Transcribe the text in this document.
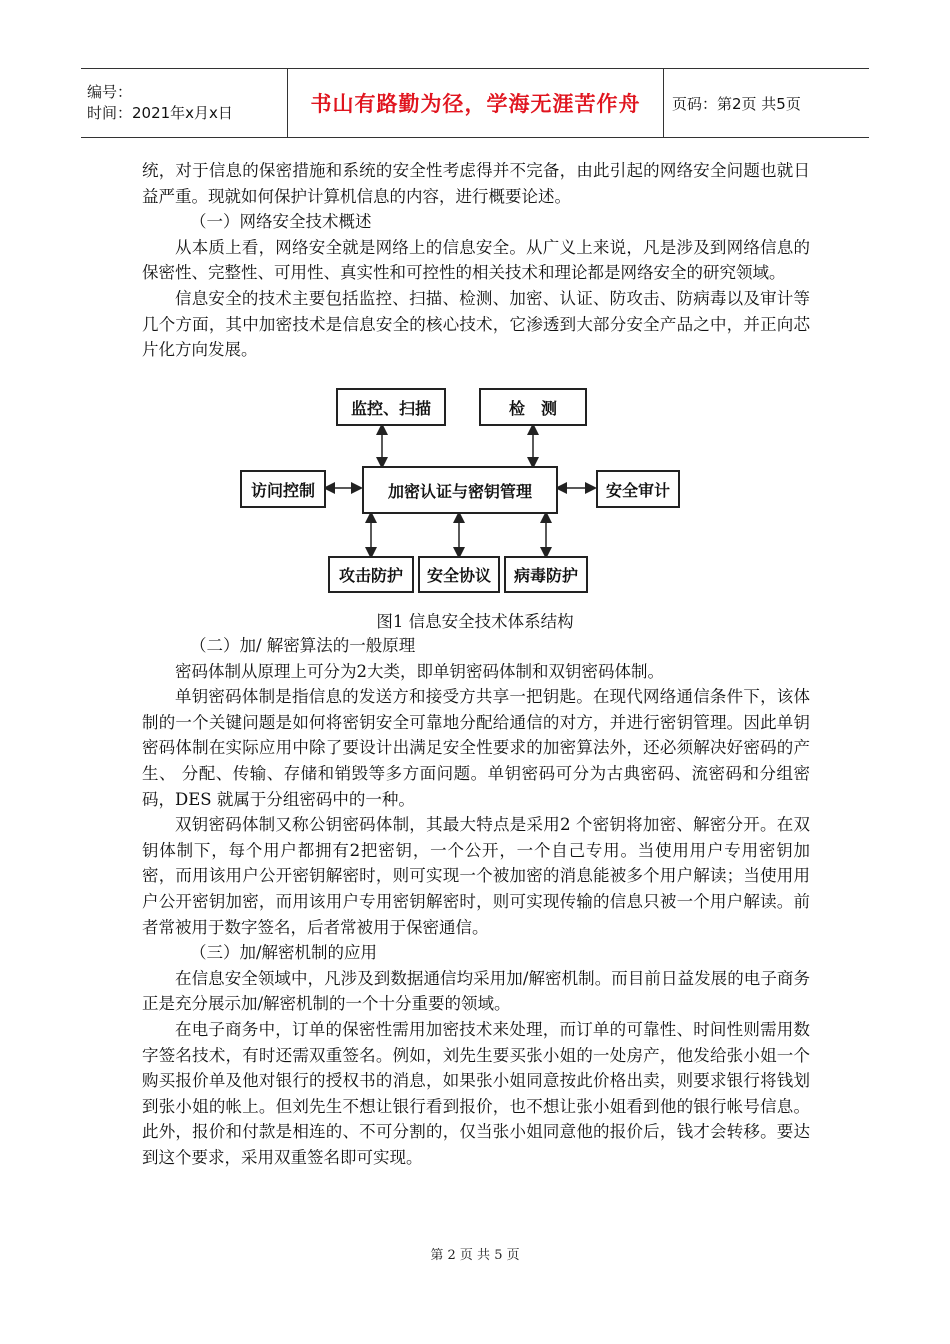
编号：
时间：2021年x月x日	书山有路勤为径，学海无涯苦作舟	页码：第2页 共5页

统，对于信息的保密措施和系统的安全性考虑得并不完备，由此引起的网络安全问题也就日益严重。现就如何保护计算机信息的内容，进行概要论述。

（一）网络安全技术概述

从本质上看，网络安全就是网络上的信息安全。从广义上来说，凡是涉及到网络信息的保密性、完整性、可用性、真实性和可控性的相关技术和理论都是网络安全的研究领域。

信息安全的技术主要包括监控、扫描、检测、加密、认证、防攻击、防病毒以及审计等几个方面，其中加密技术是信息安全的核心技术，它渗透到大部分安全产品之中，并正向芯片化方向发展。

监控、扫描	检　测
访问控制	加密认证与密钥管理	安全审计
攻击防护	安全协议	病毒防护
图1 信息安全技术体系结构

（二）加/ 解密算法的一般原理

密码体制从原理上可分为2大类，即单钥密码体制和双钥密码体制。

单钥密码体制是指信息的发送方和接受方共享一把钥匙。在现代网络通信条件下，该体制的一个关键问题是如何将密钥安全可靠地分配给通信的对方，并进行密钥管理。因此单钥密码体制在实际应用中除了要设计出满足安全性要求的加密算法外，还必须解决好密码的产生、 分配、传输、存储和销毁等多方面问题。单钥密码可分为古典密码、流密码和分组密码，DES 就属于分组密码中的一种。

双钥密码体制又称公钥密码体制，其最大特点是采用2 个密钥将加密、解密分开。在双钥体制下，每个用户都拥有2把密钥，一个公开，一个自己专用。当使用用户专用密钥加密，而用该用户公开密钥解密时，则可实现一个被加密的消息能被多个用户解读；当使用用户公开密钥加密，而用该用户专用密钥解密时，则可实现传输的信息只被一个用户解读。前者常被用于数字签名，后者常被用于保密通信。

（三）加/解密机制的应用

在信息安全领域中，凡涉及到数据通信均采用加/解密机制。而目前日益发展的电子商务正是充分展示加/解密机制的一个十分重要的领域。

在电子商务中，订单的保密性需用加密技术来处理，而订单的可靠性、时间性则需用数字签名技术，有时还需双重签名。例如，刘先生要买张小姐的一处房产，他发给张小姐一个购买报价单及他对银行的授权书的消息，如果张小姐同意按此价格出卖，则要求银行将钱划到张小姐的帐上。但刘先生不想让银行看到报价，也不想让张小姐看到他的银行帐号信息。此外，报价和付款是相连的、不可分割的，仅当张小姐同意他的报价后，钱才会转移。要达到这个要求，采用双重签名即可实现。

第 2 页 共 5 页
